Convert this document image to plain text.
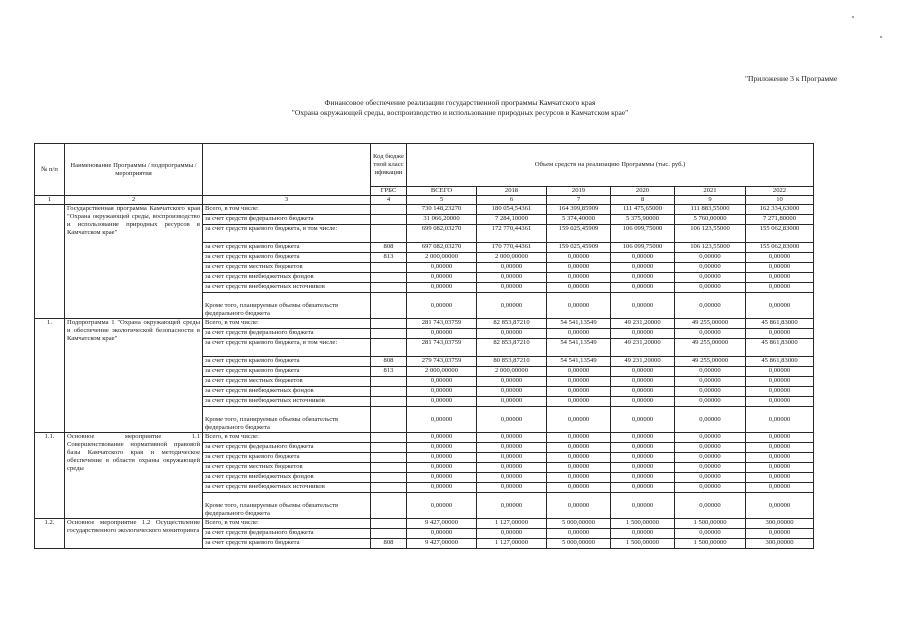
"Приложение 3 к Программе
Финансовое обеспечение реализации государственной программы Камчатского края
"Охрана окружающей среды, воспроизводство и использование природных ресурсов в Камчатском крае"
№ п/п	Наименование Программы / подпрограммы / мероприятия		Код бюджетной классификации	Объем средств на реализацию Программы (тыс. руб.)					
			ГРБС	ВСЕГО	2018	2019	2020	2021	2022
1	2	3	4	5	6	7	8	9	10
	Государственная программа Камчатского края "Охрана окружающей среды, воспроизводство и использование природных ресурсов в Камчатском крае"	Всего, в том числе:		730 148,23270	180 054,54361	164 399,85909	111 475,65000	111 883,55000	162 334,63000
		за счет средств федерального бюджета		31 066,20000	7 284,10000	5 374,40000	5 375,90000	5 760,00000	7 271,80000
		за счет средств краевого бюджета, в том числе:		699 082,03270	172 770,44361	159 025,45909	106 099,75000	106 123,55000	155 062,83000
		за счет средств краевого бюджета	808	697 082,03270	170 770,44361	159 025,45909	106 099,75000	106 123,55000	155 062,83000
		за счет средств краевого бюджета	813	2 000,00000	2 000,00000	0,00000	0,00000	0,00000	0,00000
		за счет средств местных бюджетов		0,00000	0,00000	0,00000	0,00000	0,00000	0,00000
		за счет средств внебюджетных фондов		0,00000	0,00000	0,00000	0,00000	0,00000	0,00000
		за счет средств внебюджетных источников		0,00000	0,00000	0,00000	0,00000	0,00000	0,00000
		Кроме того, планируемые объемы обязательств федерального бюджета		0,00000	0,00000	0,00000	0,00000	0,00000	0,00000
1.	Подпрограмма 1 "Охрана окружающей среды и обеспечение экологической безопасности в Камчатском крае"	Всего, в том числе:		281 743,03759	82 853,87210	54 541,13549	49 231,20000	49 255,00000	45 861,83000
		за счет средств федерального бюджета		0,00000	0,00000	0,00000	0,00000	0,00000	0,00000
		за счет средств краевого бюджета, в том числе:		281 743,03759	82 853,87210	54 541,13549	49 231,20000	49 255,00000	45 861,83000
		за счет средств краевого бюджета	808	279 743,03759	80 853,87210	54 541,13549	49 231,20000	49 255,00000	45 861,83000
		за счет средств краевого бюджета	813	2 000,00000	2 000,00000	0,00000	0,00000	0,00000	0,00000
		за счет средств местных бюджетов		0,00000	0,00000	0,00000	0,00000	0,00000	0,00000
		за счет средств внебюджетных фондов		0,00000	0,00000	0,00000	0,00000	0,00000	0,00000
		за счет средств внебюджетных источников		0,00000	0,00000	0,00000	0,00000	0,00000	0,00000
		Кроме того, планируемые объемы обязательств федерального бюджета		0,00000	0,00000	0,00000	0,00000	0,00000	0,00000
1.1.	Основное мероприятие 1.1 Совершенствование нормативной правовой базы Камчатского края и методическое обеспечение в области охраны окружающей среды	Всего, в том числе:		0,00000	0,00000	0,00000	0,00000	0,00000	0,00000
		за счет средств федерального бюджета		0,00000	0,00000	0,00000	0,00000	0,00000	0,00000
		за счет средств краевого бюджета		0,00000	0,00000	0,00000	0,00000	0,00000	0,00000
		за счет средств местных бюджетов		0,00000	0,00000	0,00000	0,00000	0,00000	0,00000
		за счет средств внебюджетных фондов		0,00000	0,00000	0,00000	0,00000	0,00000	0,00000
		за счет средств внебюджетных источников		0,00000	0,00000	0,00000	0,00000	0,00000	0,00000
		Кроме того, планируемые объемы обязательств федерального бюджета		0,00000	0,00000	0,00000	0,00000	0,00000	0,00000
1.2.	Основное мероприятие 1.2 Осуществление государственного экологического мониторинга	Всего, в том числе:		9 427,00000	1 127,00000	5 000,00000	1 500,00000	1 500,00000	300,00000
		за счет средств федерального бюджета		0,00000	0,00000	0,00000	0,00000	0,00000	0,00000
		за счет средств краевого бюджета	808	9 427,00000	1 127,00000	5 000,00000	1 500,00000	1 500,00000	300,00000
